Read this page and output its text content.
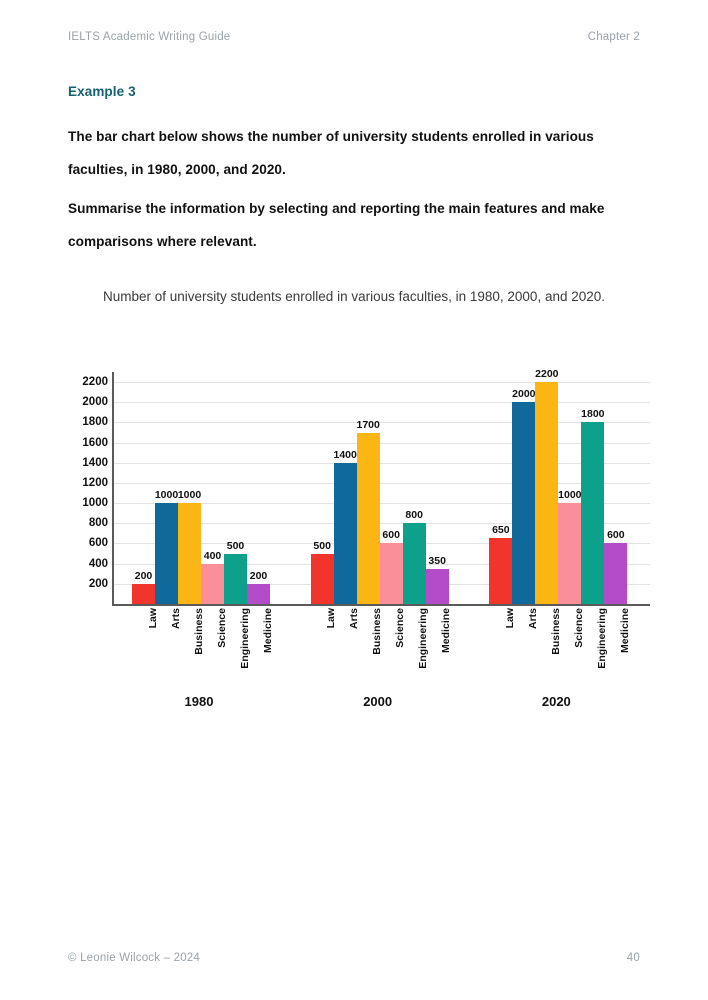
IELTS Academic Writing Guide	Chapter 2
Example 3

The bar chart below shows the number of university students enrolled in various faculties, in 1980, 2000, and 2020.

Summarise the information by selecting and reporting the main features and make comparisons where relevant.

Number of university students enrolled in various faculties, in 1980, 2000, and 2020.
200
400
600
800
1000
1200
1400
1600
1800
2000
2200
200
1000 1000
400
500
200
500
1400
1700
600
800
350
650
2000
2200
1000
1800
600
Law Arts Business Science Engineering Medicine	Law Arts Business Science Engineering Medicine	Law Arts Business Science Engineering Medicine
1980	2000	2020
© Leonie Wilcock – 2024	40
